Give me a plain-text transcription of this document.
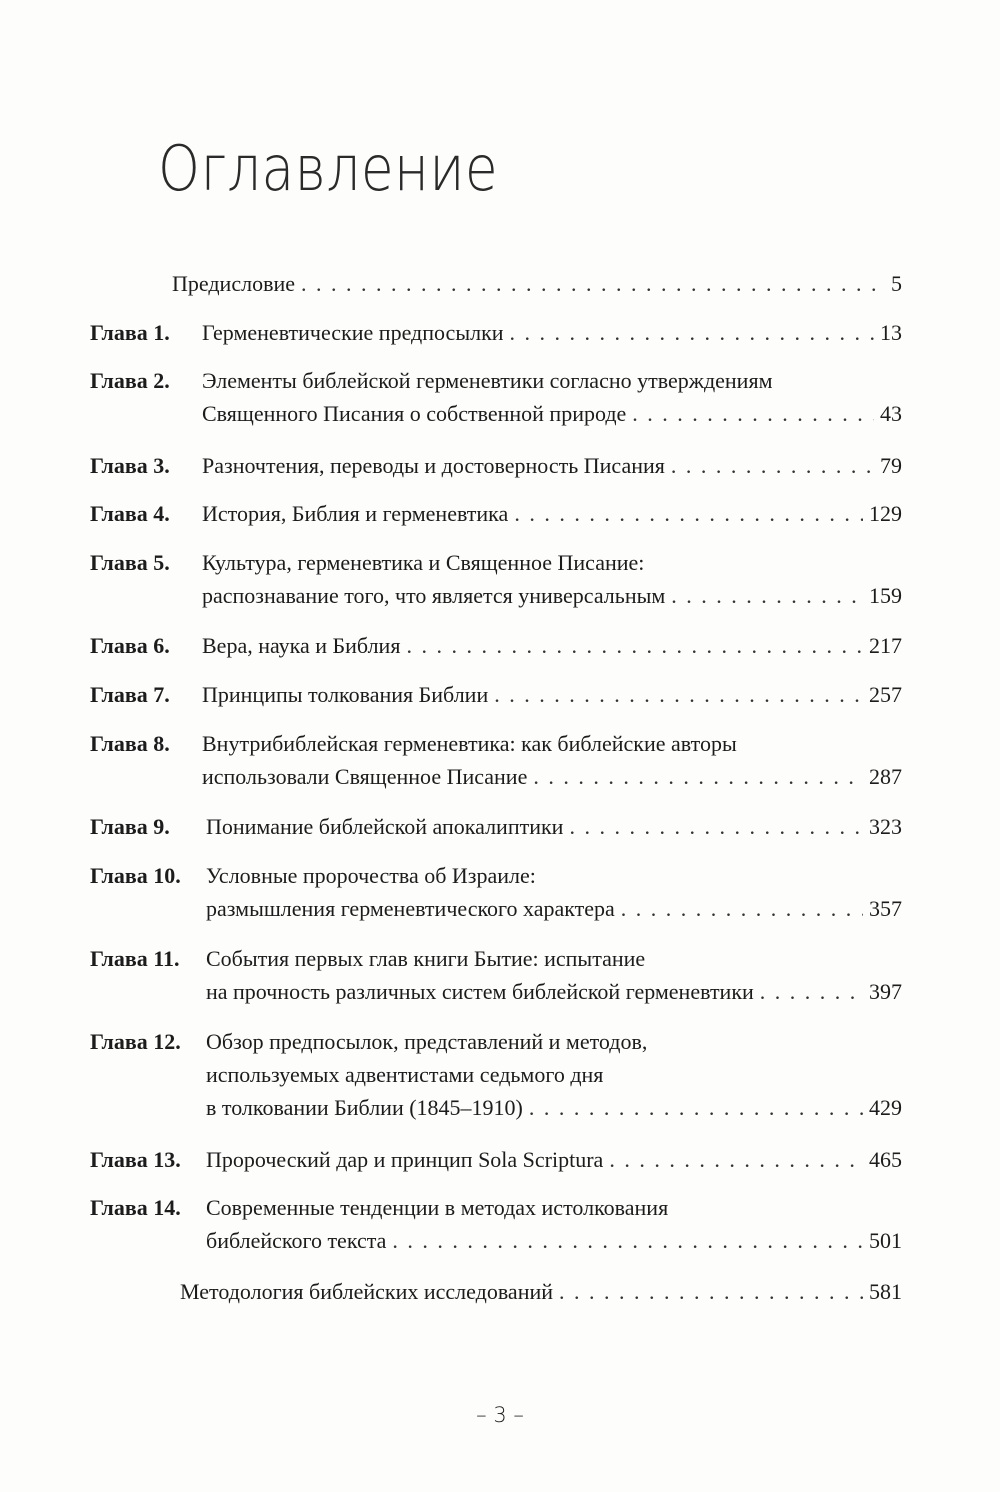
Оглавление
Предисловие . . .	5
Глава 1. Герменевтические предпосылки . . .	13
Глава 2. Элементы библейской герменевтики согласно утверждениям
Священного Писания о собственной природе . . .	43
Глава 3. Разночтения, переводы и достоверность Писания . . .	79
Глава 4. История, Библия и герменевтика . . .	129
Глава 5. Культура, герменевтика и Священное Писание:
распознавание того, что является универсальным . . .	159
Глава 6. Вера, наука и Библия . . .	217
Глава 7. Принципы толкования Библии . . .	257
Глава 8. Внутрибиблейская герменевтика: как библейские авторы
использовали Священное Писание . . .	287
Глава 9. Понимание библейской апокалиптики . . .	323
Глава 10. Условные пророчества об Израиле:
размышления герменевтического характера . . .	357
Глава 11. События первых глав книги Бытие: испытание
на прочность различных систем библейской герменевтики . . .	397
Глава 12. Обзор предпосылок, представлений и методов,
используемых адвентистами седьмого дня
в толковании Библии (1845–1910) . . .	429
Глава 13. Пророческий дар и принцип Sola Scriptura . . .	465
Глава 14. Современные тенденции в методах истолкования
библейского текста . . .	501
Методология библейских исследований . . .	581
– 3 –
